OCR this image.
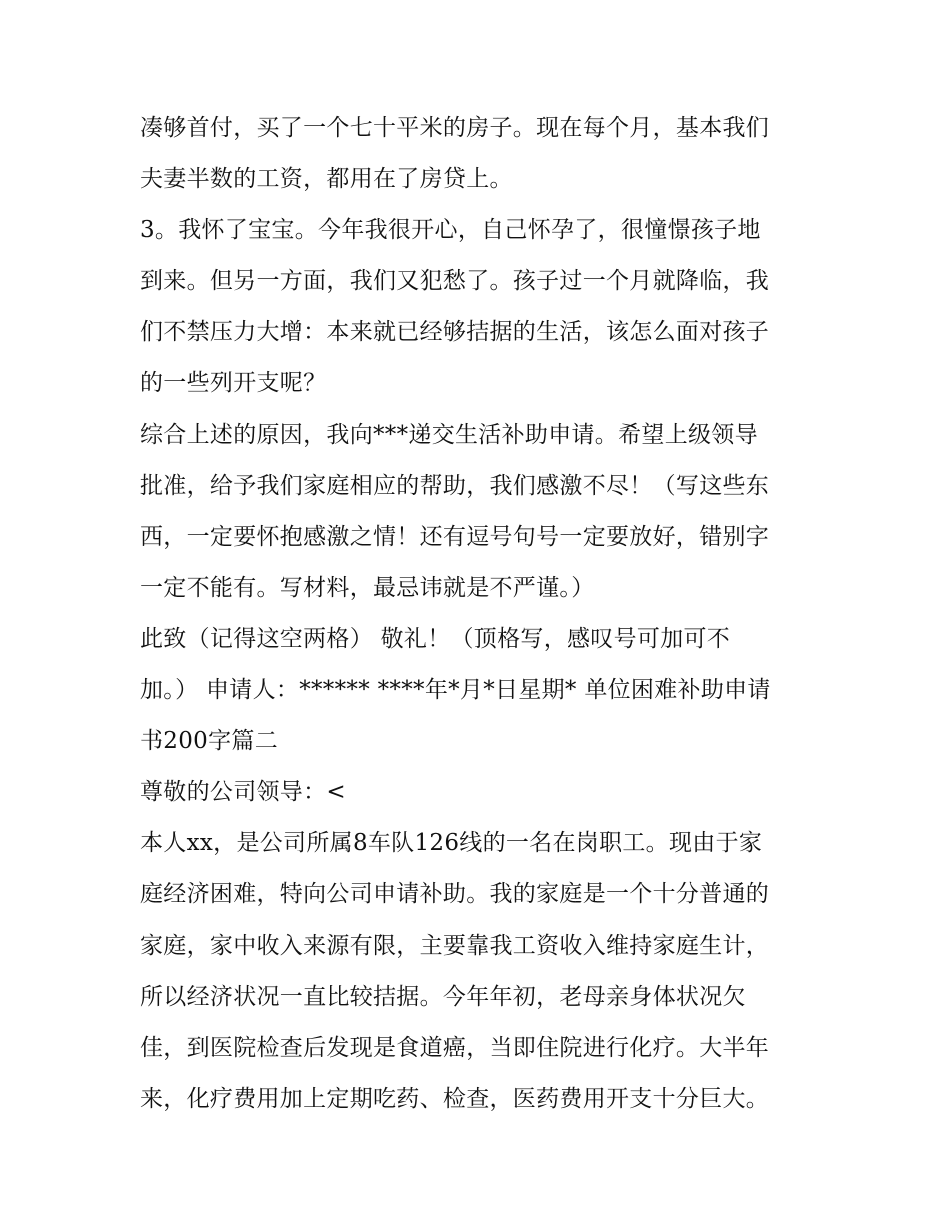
凑够首付，买了一个七十平米的房子。现在每个月，基本我们
夫妻半数的工资，都用在了房贷上。
3。我怀了宝宝。今年我很开心，自己怀孕了，很憧憬孩子地
到来。但另一方面，我们又犯愁了。孩子过一个月就降临，我
们不禁压力大增：本来就已经够拮据的生活，该怎么面对孩子
的一些列开支呢？
综合上述的原因，我向***递交生活补助申请。希望上级领导
批准，给予我们家庭相应的帮助，我们感激不尽！（写这些东
西，一定要怀抱感激之情！还有逗号句号一定要放好，错别字
一定不能有。写材料，最忌讳就是不严谨。）
此致（记得这空两格） 敬礼！（顶格写，感叹号可加可不
加。） 申请人：****** ****年*月*日星期* 单位困难补助申请
书200字篇二
尊敬的公司领导：<
本人xx，是公司所属8车队126线的一名在岗职工。现由于家
庭经济困难，特向公司申请补助。我的家庭是一个十分普通的
家庭，家中收入来源有限，主要靠我工资收入维持家庭生计，
所以经济状况一直比较拮据。今年年初，老母亲身体状况欠
佳，到医院检查后发现是食道癌，当即住院进行化疗。大半年
来，化疗费用加上定期吃药、检查，医药费用开支十分巨大。
